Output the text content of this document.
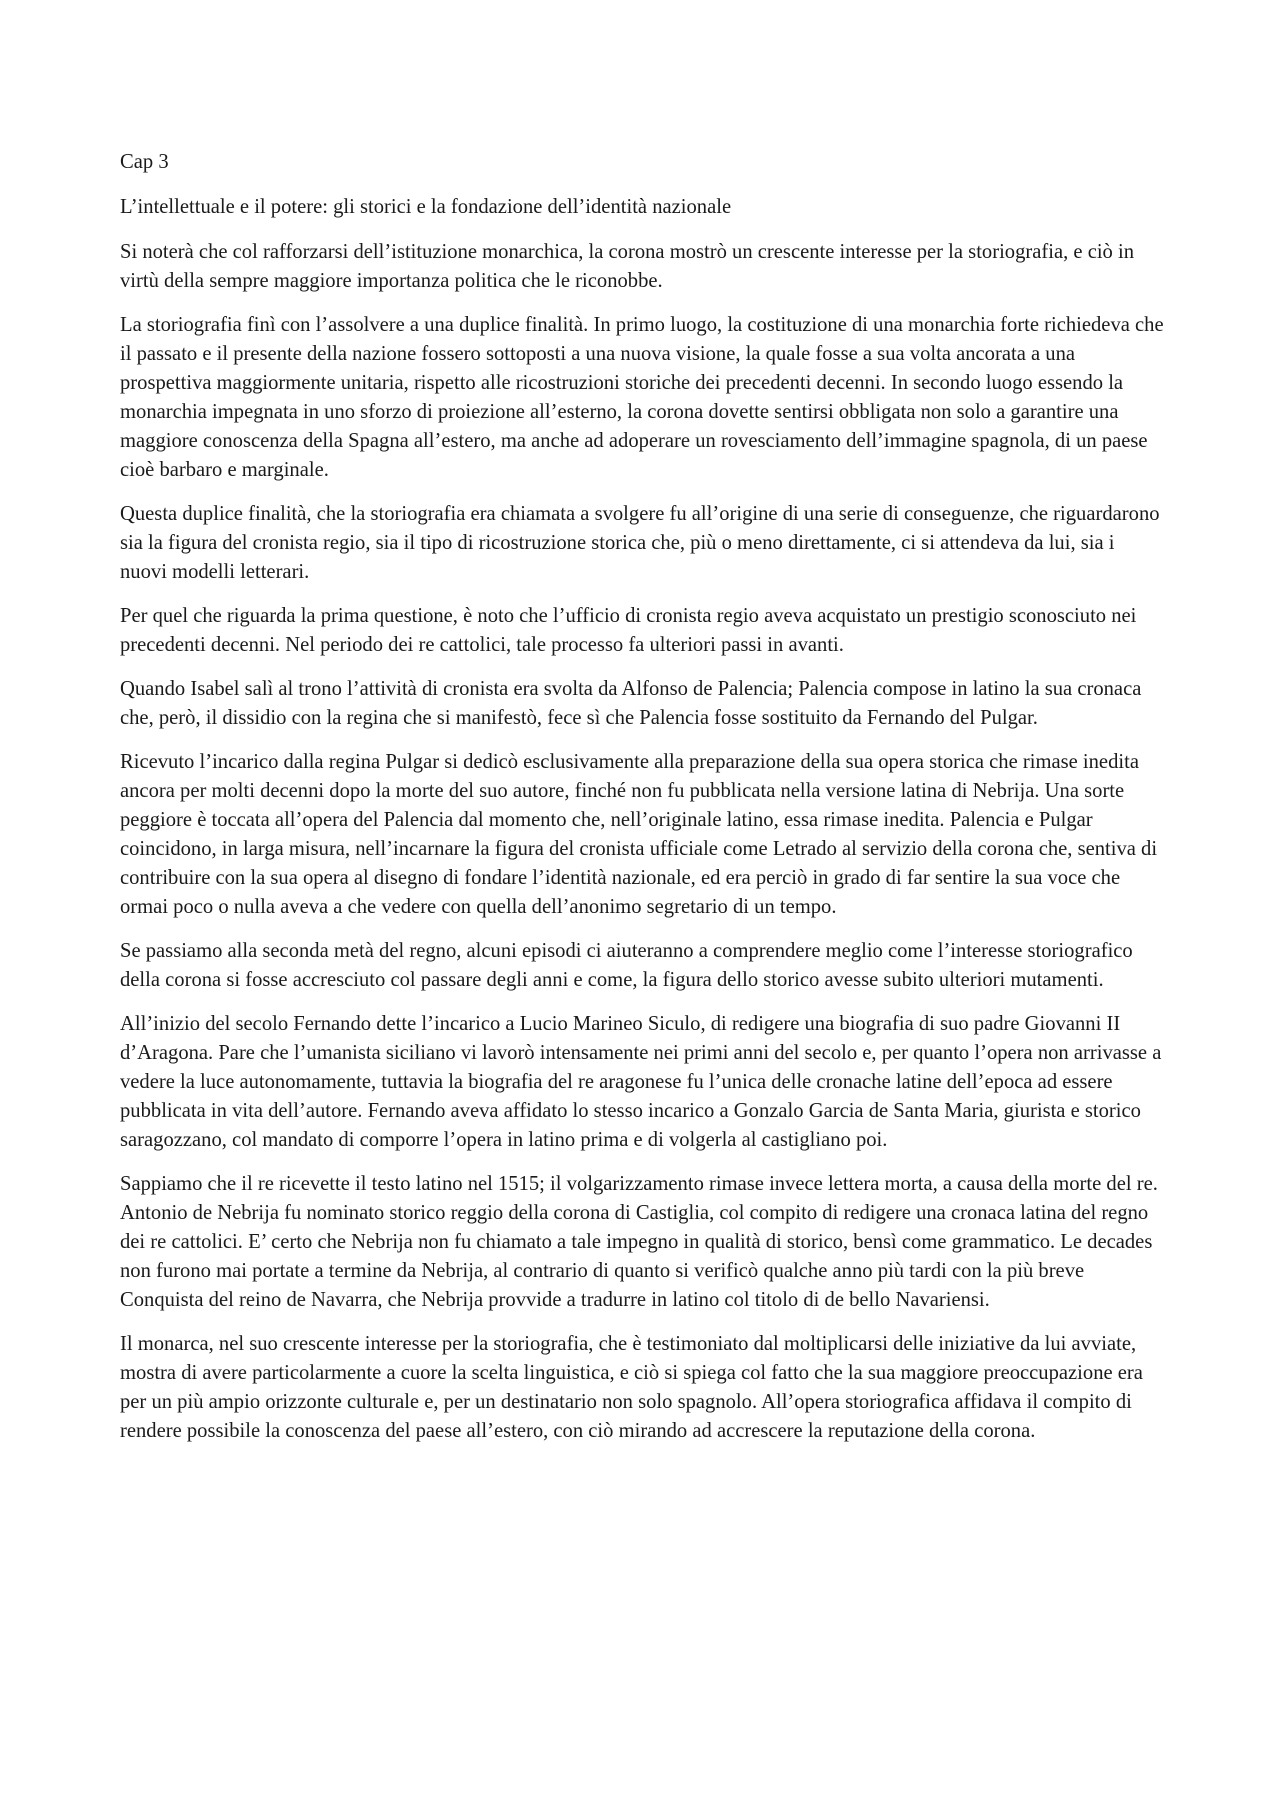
Cap 3

L’intellettuale e il potere: gli storici e la fondazione dell’identità nazionale

Si noterà che col rafforzarsi dell’istituzione monarchica, la corona mostrò un crescente interesse per la storiografia, e ciò in virtù della sempre maggiore importanza politica che le riconobbe.

La storiografia finì con l’assolvere a una duplice finalità. In primo luogo, la costituzione di una monarchia forte richiedeva che il passato e il presente della nazione fossero sottoposti a una nuova visione, la quale fosse a sua volta ancorata a una prospettiva maggiormente unitaria, rispetto alle ricostruzioni storiche dei precedenti decenni. In secondo luogo essendo la monarchia impegnata in uno sforzo di proiezione all’esterno, la corona dovette sentirsi obbligata non solo a garantire una maggiore conoscenza della Spagna all’estero, ma anche ad adoperare un rovesciamento dell’immagine spagnola, di un paese cioè barbaro e marginale.

Questa duplice finalità, che la storiografia era chiamata a svolgere fu all’origine di una serie di conseguenze, che riguardarono sia la figura del cronista regio, sia il tipo di ricostruzione storica che, più o meno direttamente, ci si attendeva da lui, sia i nuovi modelli letterari.

Per quel che riguarda la prima questione, è noto che l’ufficio di cronista regio aveva acquistato un prestigio sconosciuto nei precedenti decenni. Nel periodo dei re cattolici, tale processo fa ulteriori passi in avanti.

Quando Isabel salì al trono l’attività di cronista era svolta da Alfonso de Palencia; Palencia compose in latino la sua cronaca che, però, il dissidio con la regina che si manifestò, fece sì che Palencia fosse sostituito da Fernando del Pulgar.

Ricevuto l’incarico dalla regina Pulgar si dedicò esclusivamente alla preparazione della sua opera storica che rimase inedita ancora per molti decenni dopo la morte del suo autore, finché non fu pubblicata nella versione latina di Nebrija. Una sorte peggiore è toccata all’opera del Palencia dal momento che, nell’originale latino, essa rimase inedita. Palencia e Pulgar coincidono, in larga misura, nell’incarnare la figura del cronista ufficiale come Letrado al servizio della corona che, sentiva di contribuire con la sua opera al disegno di fondare l’identità nazionale, ed era perciò in grado di far sentire la sua voce che ormai poco o nulla aveva a che vedere con quella dell’anonimo segretario di un tempo.

Se passiamo alla seconda metà del regno, alcuni episodi ci aiuteranno a comprendere meglio come l’interesse storiografico della corona si fosse accresciuto col passare degli anni e come, la figura dello storico avesse subito ulteriori mutamenti.

All’inizio del secolo Fernando dette l’incarico a Lucio Marineo Siculo, di redigere una biografia di suo padre Giovanni II d’Aragona. Pare che l’umanista siciliano vi lavorò intensamente nei primi anni del secolo e, per quanto l’opera non arrivasse a vedere la luce autonomamente, tuttavia la biografia del re aragonese fu l’unica delle cronache latine dell’epoca ad essere pubblicata in vita dell’autore. Fernando aveva affidato lo stesso incarico a Gonzalo Garcia de Santa Maria, giurista e storico saragozzano, col mandato di comporre l’opera in latino prima e di volgerla al castigliano poi.

Sappiamo che il re ricevette il testo latino nel 1515; il volgarizzamento rimase invece lettera morta, a causa della morte del re. Antonio de Nebrija fu nominato storico reggio della corona di Castiglia, col compito di redigere una cronaca latina del regno dei re cattolici. E’ certo che Nebrija non fu chiamato a tale impegno in qualità di storico, bensì come grammatico. Le decades non furono mai portate a termine da Nebrija, al contrario di quanto si verificò qualche anno più tardi con la più breve Conquista del reino de Navarra, che Nebrija provvide a tradurre in latino col titolo di de bello Navariensi.

Il monarca, nel suo crescente interesse per la storiografia, che è testimoniato dal moltiplicarsi delle iniziative da lui avviate, mostra di avere particolarmente a cuore la scelta linguistica, e ciò si spiega col fatto che la sua maggiore preoccupazione era per un più ampio orizzonte culturale e, per un destinatario non solo spagnolo. All’opera storiografica affidava il compito di rendere possibile la conoscenza del paese all’estero, con ciò mirando ad accrescere la reputazione della corona.
